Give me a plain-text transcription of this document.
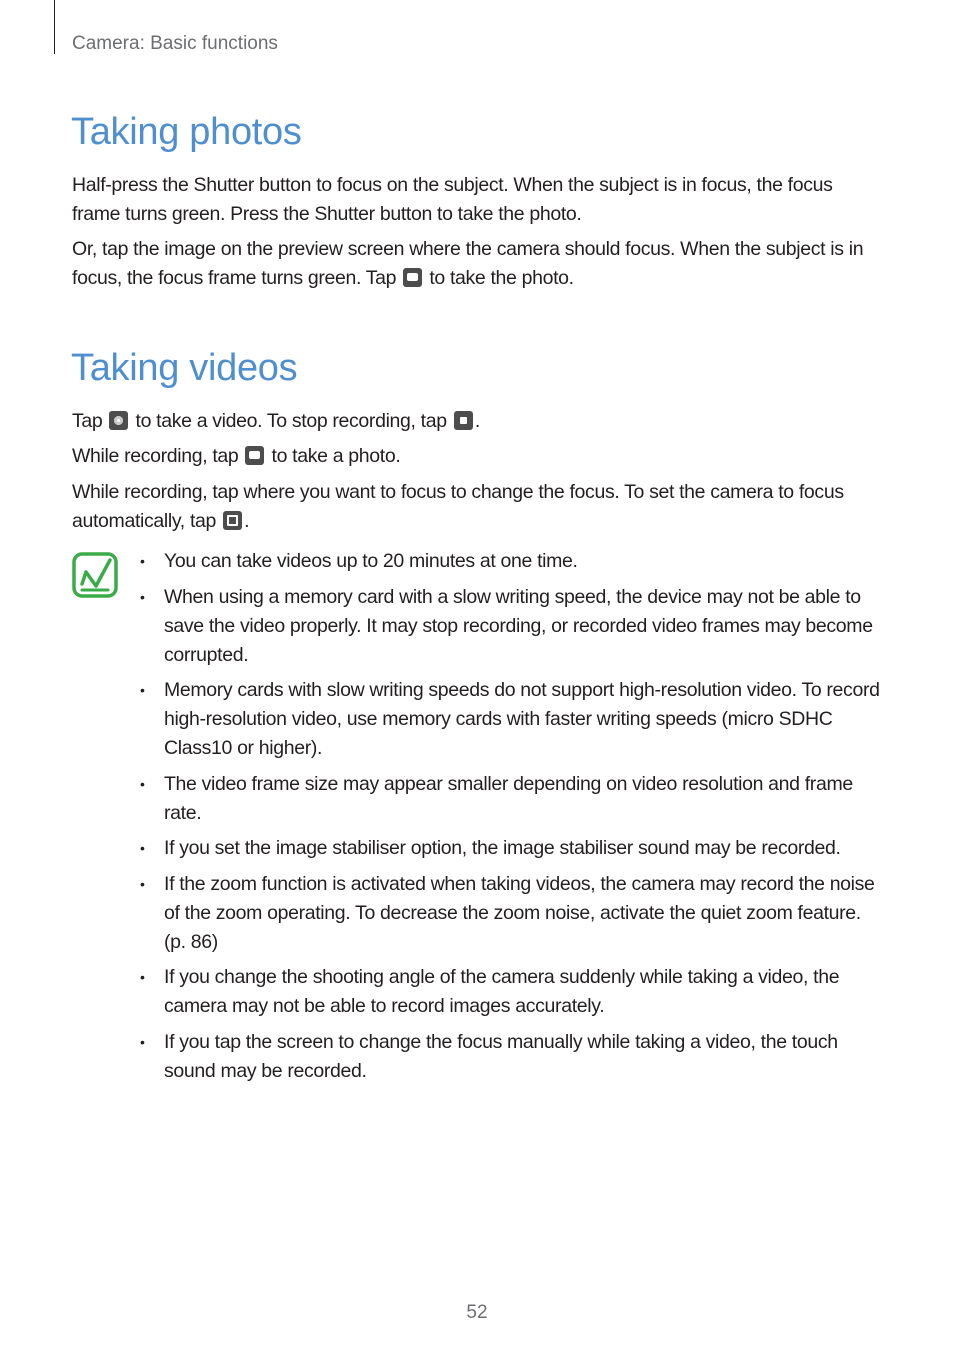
Camera: Basic functions
Taking photos

Half-press the Shutter button to focus on the subject. When the subject is in focus, the focus frame turns green. Press the Shutter button to take the photo.

Or, tap the image on the preview screen where the camera should focus. When the subject is in focus, the focus frame turns green. Tap  to take the photo.

Taking videos

Tap  to take a video. To stop recording, tap .

While recording, tap  to take a photo.

While recording, tap where you want to focus to change the focus. To set the camera to focus automatically, tap .

• You can take videos up to 20 minutes at one time.
• When using a memory card with a slow writing speed, the device may not be able to save the video properly. It may stop recording, or recorded video frames may become corrupted.
• Memory cards with slow writing speeds do not support high-resolution video. To record high-resolution video, use memory cards with faster writing speeds (micro SDHC Class10 or higher).
• The video frame size may appear smaller depending on video resolution and frame rate.
• If you set the image stabiliser option, the image stabiliser sound may be recorded.
• If the zoom function is activated when taking videos, the camera may record the noise of the zoom operating. To decrease the zoom noise, activate the quiet zoom feature. (p. 86)
• If you change the shooting angle of the camera suddenly while taking a video, the camera may not be able to record images accurately.
• If you tap the screen to change the focus manually while taking a video, the touch sound may be recorded.
52
